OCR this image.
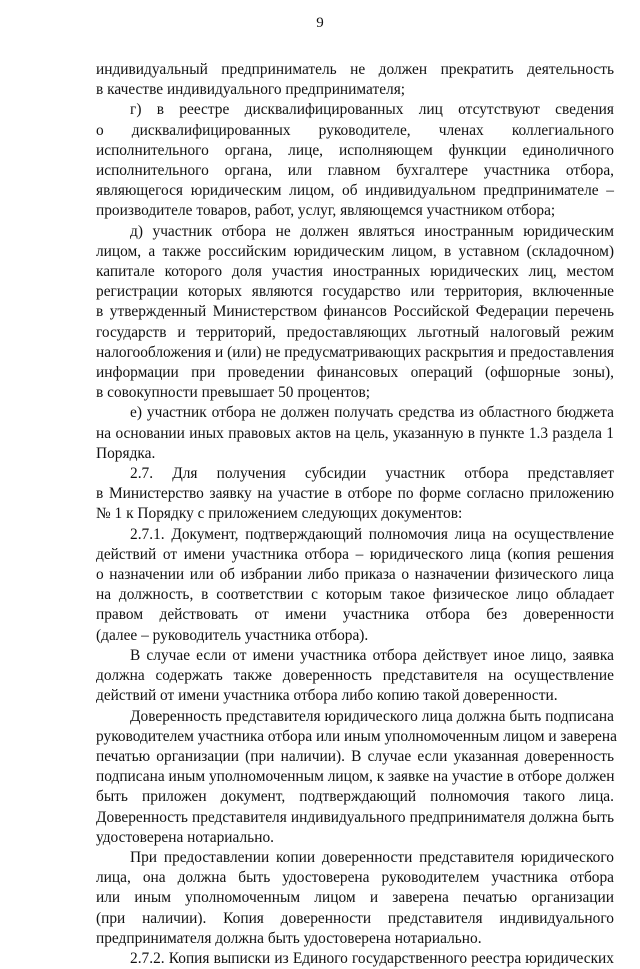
9
индивидуальный предприниматель не должен прекратить деятельность
в качестве индивидуального предпринимателя;
г) в реестре дисквалифицированных лиц отсутствуют сведения
о дисквалифицированных руководителе, членах коллегиального
исполнительного органа, лице, исполняющем функции единоличного
исполнительного органа, или главном бухгалтере участника отбора,
являющегося юридическим лицом, об индивидуальном предпринимателе –
производителе товаров, работ, услуг, являющемся участником отбора;
д) участник отбора не должен являться иностранным юридическим
лицом, а также российским юридическим лицом, в уставном (складочном)
капитале которого доля участия иностранных юридических лиц, местом
регистрации которых являются государство или территория, включенные
в утвержденный Министерством финансов Российской Федерации перечень
государств и территорий, предоставляющих льготный налоговый режим
налогообложения и (или) не предусматривающих раскрытия и предоставления
информации при проведении финансовых операций (офшорные зоны),
в совокупности превышает 50 процентов;
е) участник отбора не должен получать средства из областного бюджета
на основании иных правовых актов на цель, указанную в пункте 1.3 раздела 1
Порядка.
2.7. Для получения субсидии участник отбора представляет
в Министерство заявку на участие в отборе по форме согласно приложению
№ 1 к Порядку с приложением следующих документов:
2.7.1. Документ, подтверждающий полномочия лица на осуществление
действий от имени участника отбора – юридического лица (копия решения
о назначении или об избрании либо приказа о назначении физического лица
на должность, в соответствии с которым такое физическое лицо обладает
правом действовать от имени участника отбора без доверенности
(далее – руководитель участника отбора).
В случае если от имени участника отбора действует иное лицо, заявка
должна содержать также доверенность представителя на осуществление
действий от имени участника отбора либо копию такой доверенности.
Доверенность представителя юридического лица должна быть подписана
руководителем участника отбора или иным уполномоченным лицом и заверена
печатью организации (при наличии). В случае если указанная доверенность
подписана иным уполномоченным лицом, к заявке на участие в отборе должен
быть приложен документ, подтверждающий полномочия такого лица.
Доверенность представителя индивидуального предпринимателя должна быть
удостоверена нотариально.
При предоставлении копии доверенности представителя юридического
лица, она должна быть удостоверена руководителем участника отбора
или иным уполномоченным лицом и заверена печатью организации
(при наличии). Копия доверенности представителя индивидуального
предпринимателя должна быть удостоверена нотариально.
2.7.2. Копия выписки из Единого государственного реестра юридических
